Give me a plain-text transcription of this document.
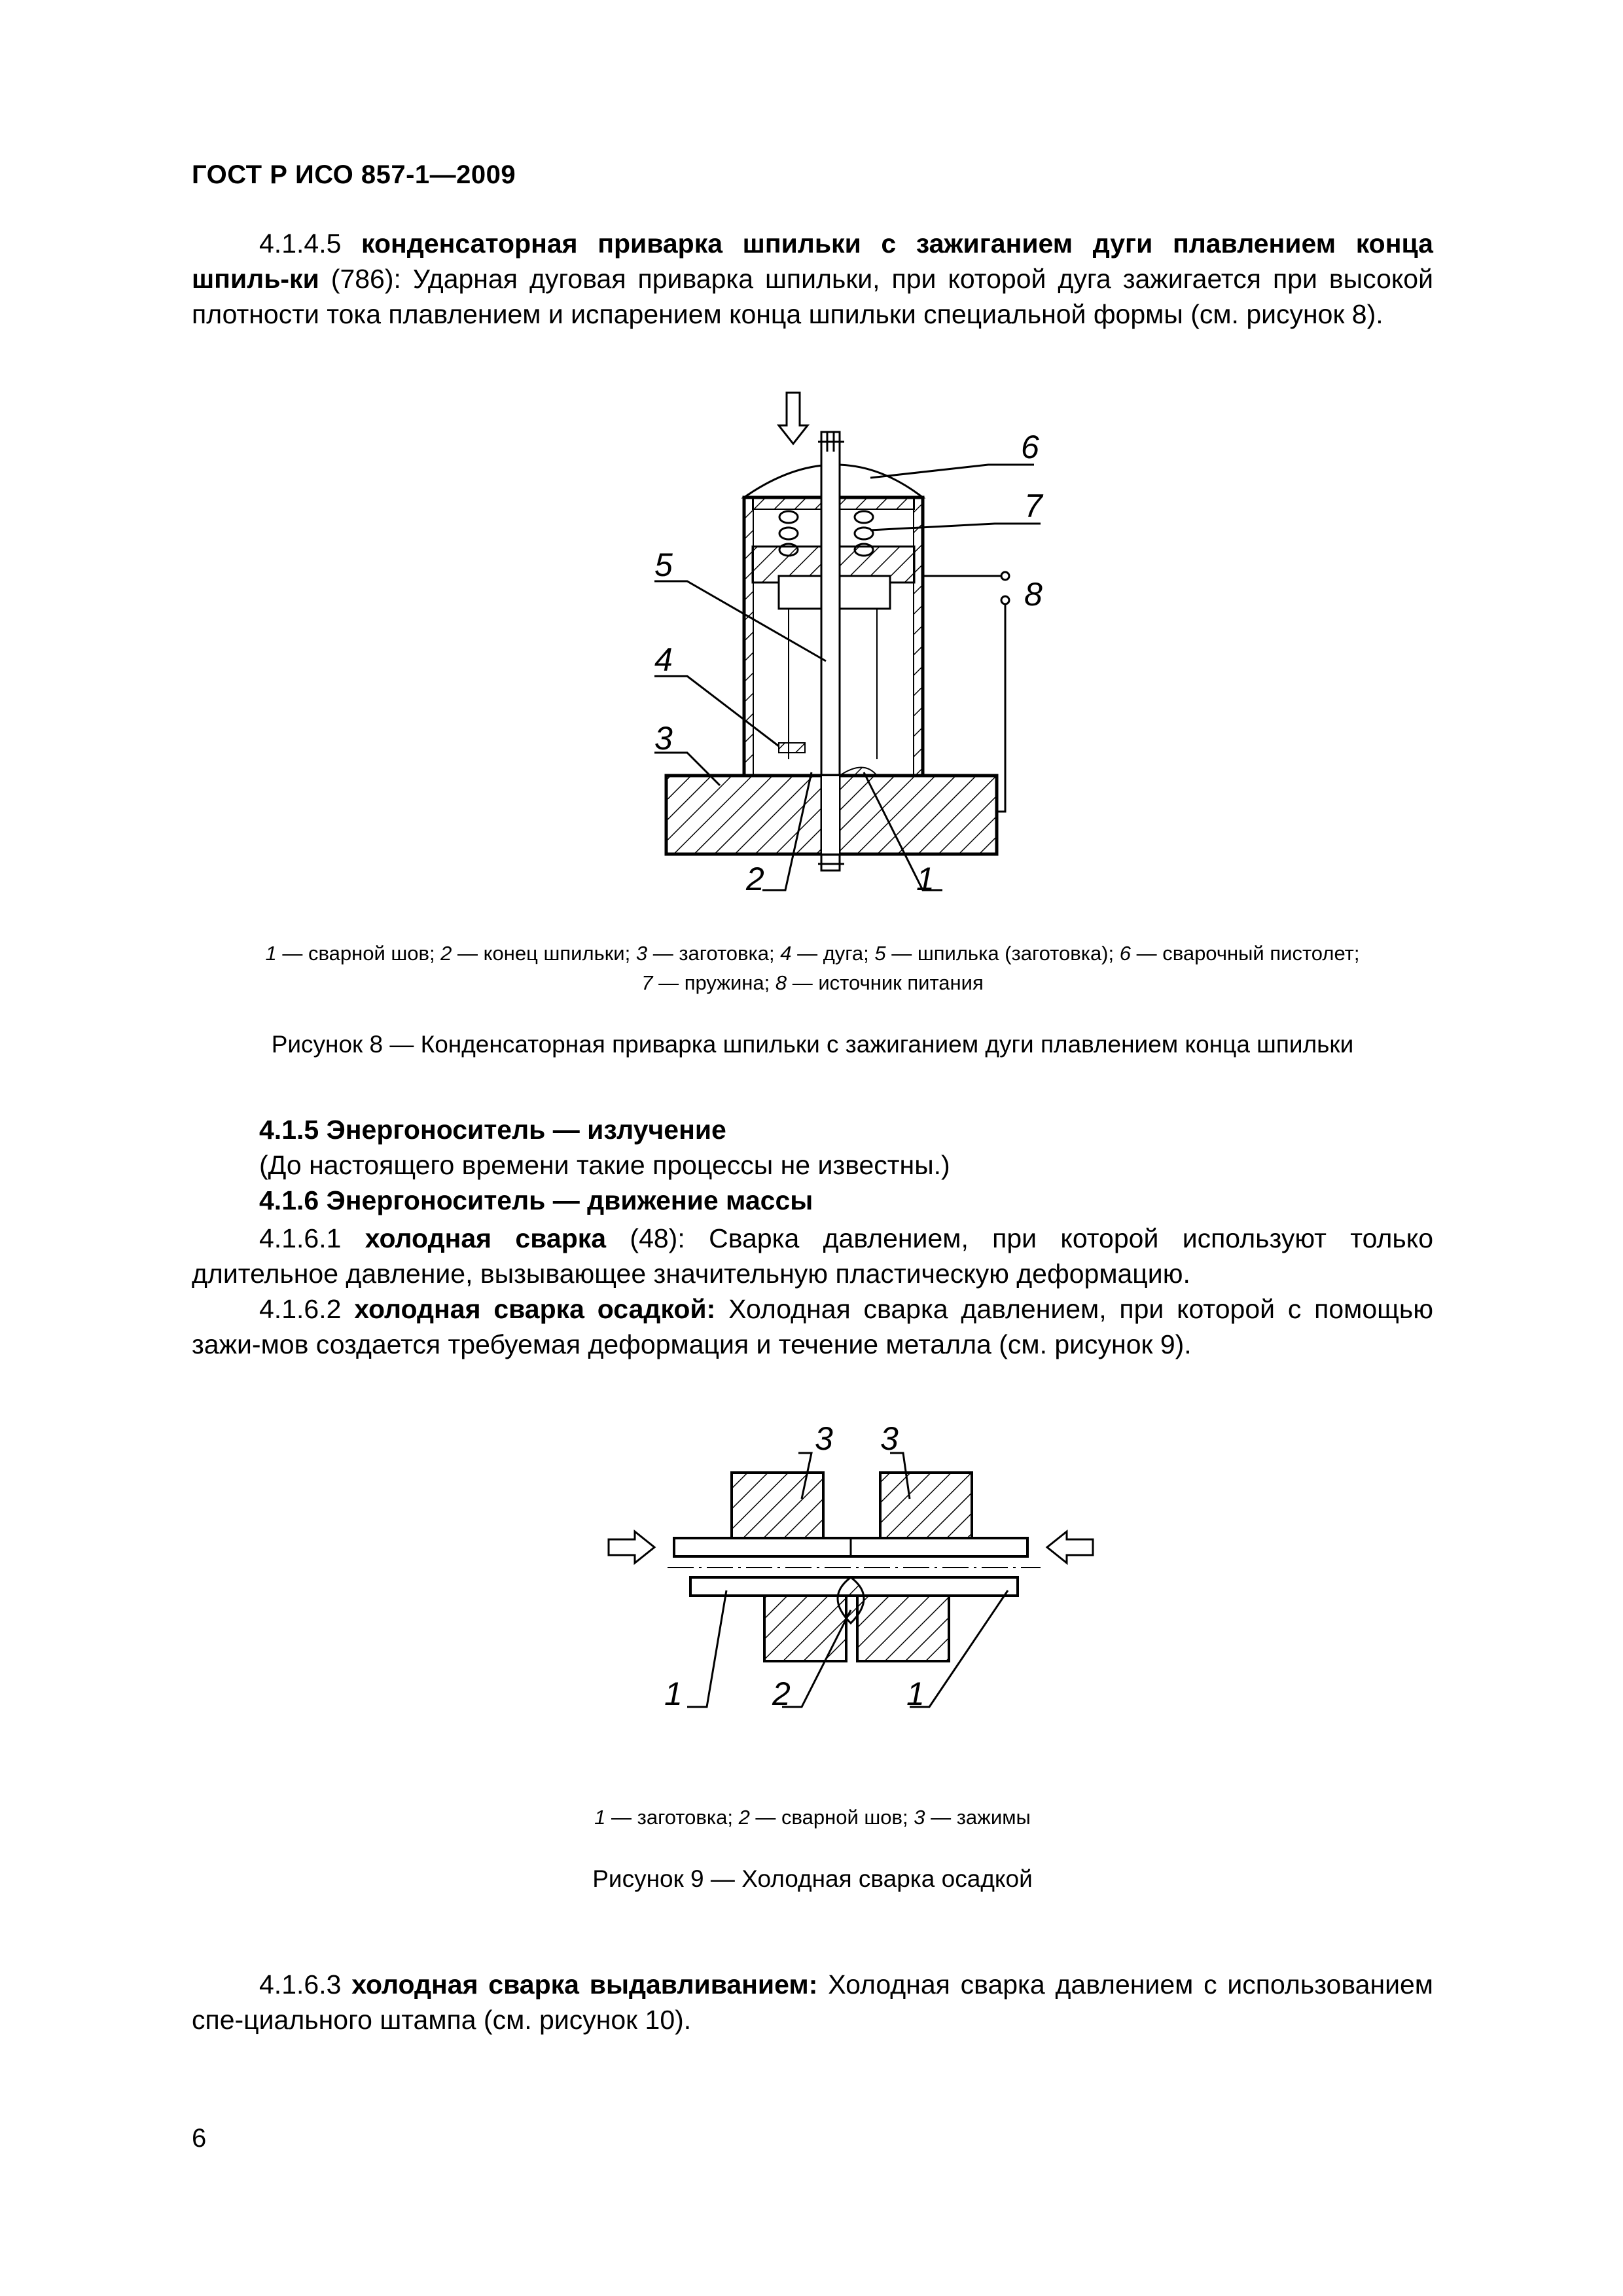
ГОСТ Р ИСО 857-1—2009
4.1.4.5 конденсаторная приварка шпильки с зажиганием дуги плавлением конца шпиль-ки (786): Ударная дуговая приварка шпильки, при которой дуга зажигается при высокой плотности тока плавлением и испарением конца шпильки специальной формы (см. рисунок 8).
6
7
8
5
4
3
2	1
1 — сварной шов; 2 — конец шпильки; 3 — заготовка; 4 — дуга; 5 — шпилька (заготовка); 6 — сварочный пистолет;
7 — пружина; 8 — источник питания
Рисунок 8 — Конденсаторная приварка шпильки с зажиганием дуги плавлением конца шпильки
4.1.5 Энергоноситель — излучение
(До настоящего времени такие процессы не известны.)
4.1.6 Энергоноситель — движение массы
4.1.6.1 холодная сварка (48): Сварка давлением, при которой используют только длительное давление, вызывающее значительную пластическую деформацию.
4.1.6.2 холодная сварка осадкой: Холодная сварка давлением, при которой с помощью зажи-мов создается требуемая деформация и течение металла (см. рисунок 9).
3 3
1	2	1
1 — заготовка; 2 — сварной шов; 3 — зажимы
Рисунок 9 — Холодная сварка осадкой
4.1.6.3 холодная сварка выдавливанием: Холодная сварка давлением с использованием спе-циального штампа (см. рисунок 10).
6
